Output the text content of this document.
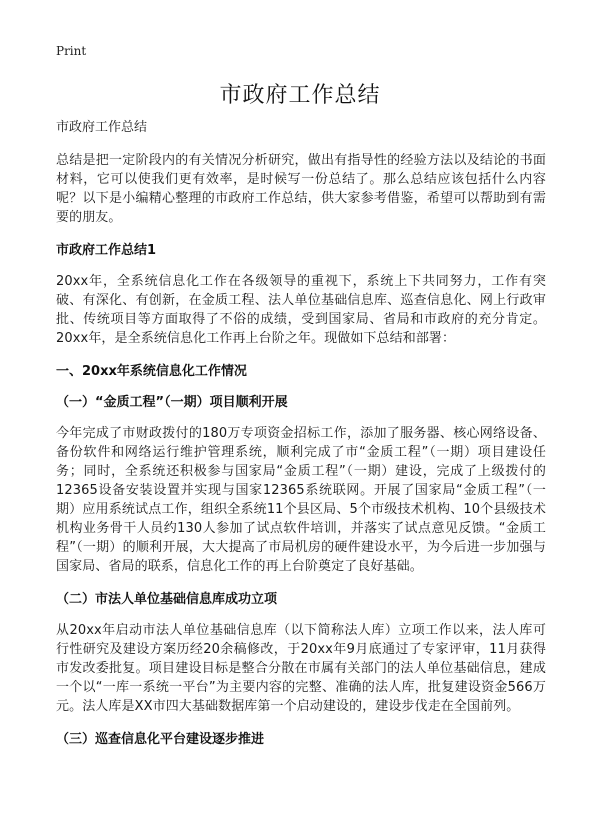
Print
市政府工作总结

市政府工作总结

总结是把一定阶段内的有关情况分析研究，做出有指导性的经验方法以及结论的书面材料，它可以使我们更有效率，是时候写一份总结了。那么总结应该包括什么内容呢？以下是小编精心整理的市政府工作总结，供大家参考借鉴，希望可以帮助到有需要的朋友。

市政府工作总结1

20xx年，全系统信息化工作在各级领导的重视下，系统上下共同努力，工作有突破、有深化、有创新，在金质工程、法人单位基础信息库、巡查信息化、网上行政审批、传统项目等方面取得了不俗的成绩，受到国家局、省局和市政府的充分肯定。20xx年，是全系统信息化工作再上台阶之年。现做如下总结和部署：

一、20xx年系统信息化工作情况

（一）“金质工程”（一期）项目顺利开展

今年完成了市财政拨付的180万专项资金招标工作，添加了服务器、核心网络设备、备份软件和网络运行维护管理系统，顺利完成了市“金质工程”（一期）项目建设任务；同时，全系统还积极参与国家局“金质工程”（一期）建设，完成了上级拨付的12365设备安装设置并实现与国家12365系统联网。开展了国家局“金质工程”（一期）应用系统试点工作，组织全系统11个县区局、5个市级技术机构、10个县级技术机构业务骨干人员约130人参加了试点软件培训，并落实了试点意见反馈。“金质工程”（一期）的顺利开展，大大提高了市局机房的硬件建设水平，为今后进一步加强与国家局、省局的联系，信息化工作的再上台阶奠定了良好基础。

（二）市法人单位基础信息库成功立项

从20xx年启动市法人单位基础信息库（以下简称法人库）立项工作以来，法人库可行性研究及建设方案历经20余稿修改，于20xx年9月底通过了专家评审，11月获得市发改委批复。项目建设目标是整合分散在市属有关部门的法人单位基础信息，建成一个以“一库一系统一平台”为主要内容的完整、准确的法人库，批复建设资金566万元。法人库是XX市四大基础数据库第一个启动建设的，建设步伐走在全国前列。

（三）巡查信息化平台建设逐步推进
